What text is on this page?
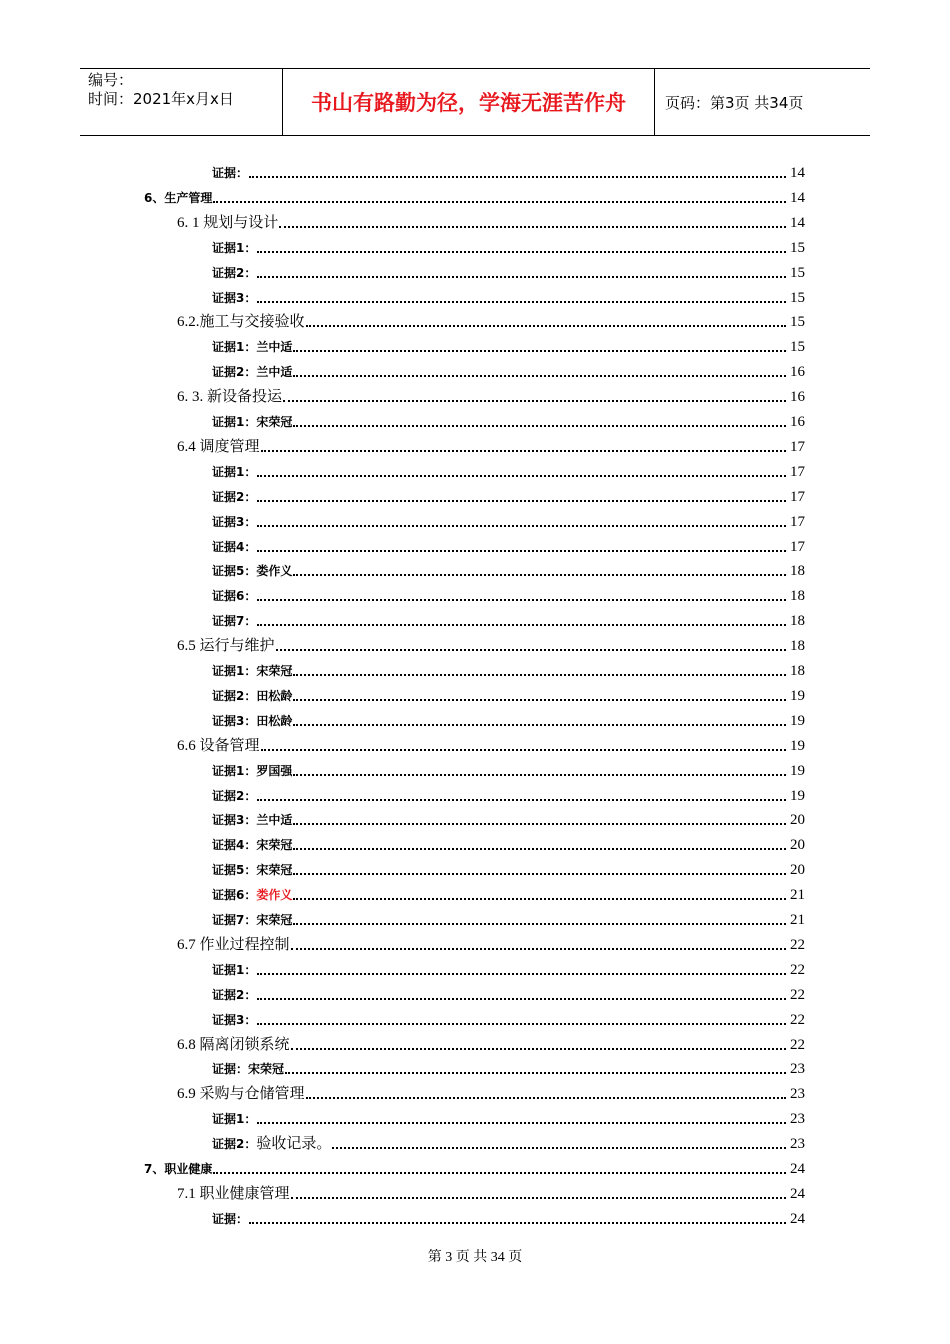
编号：
时间：2021年x月x日	书山有路勤为径，学海无涯苦作舟	页码：第3页 共34页
证据：	14
6、生产管理	14
6. 1 规划与设计	14
证据1：	15
证据2：	15
证据3：	15
6.2.施工与交接验收	15
证据1： 兰中适	15
证据2： 兰中适	16
6. 3. 新设备投运	16
证据1： 宋荣冠	16
6.4 调度管理	17
证据1：	17
证据2：	17
证据3：	17
证据4：	17
证据5： 娄作义	18
证据6：	18
证据7：	18
6.5 运行与维护	18
证据1： 宋荣冠	18
证据2： 田松龄	19
证据3： 田松龄	19
6.6 设备管理	19
证据1： 罗国强	19
证据2：	19
证据3： 兰中适	20
证据4： 宋荣冠	20
证据5： 宋荣冠	20
证据6： 娄作义	21
证据7： 宋荣冠	21
6.7 作业过程控制	22
证据1：	22
证据2：	22
证据3：	22
6.8 隔离闭锁系统	22
证据： 宋荣冠	23
6.9 采购与仓储管理	23
证据1：	23
证据2： 验收记录。	23
7、职业健康	24
7.1 职业健康管理	24
证据：	24
第 3 页 共 34 页
